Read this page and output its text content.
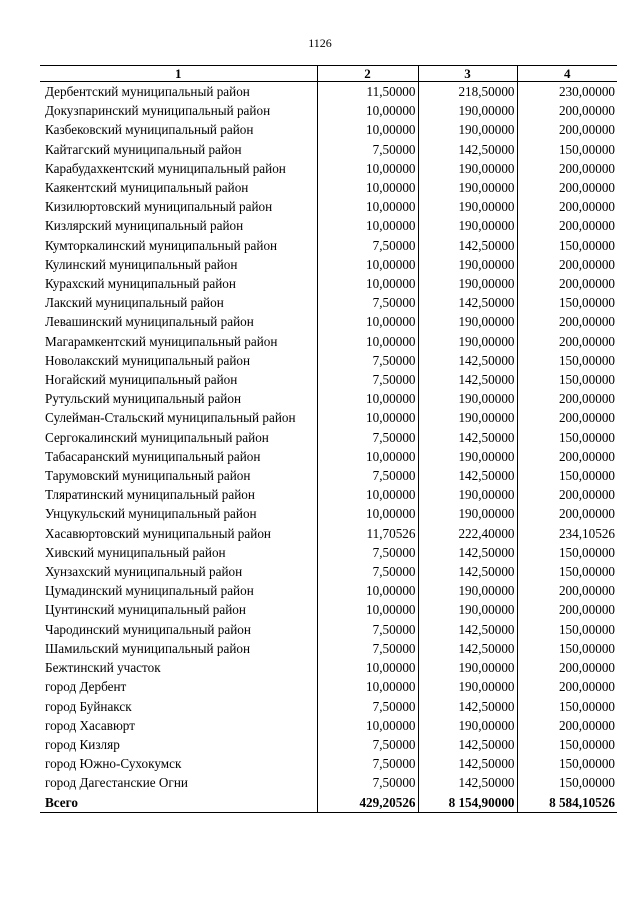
1126
1	2	3	4
Дербентский муниципальный район	11,50000	218,50000	230,00000
Докузпаринский муниципальный район	10,00000	190,00000	200,00000
Казбековский муниципальный район	10,00000	190,00000	200,00000
Кайтагский муниципальный район	7,50000	142,50000	150,00000
Карабудахкентский муниципальный район	10,00000	190,00000	200,00000
Каякентский муниципальный район	10,00000	190,00000	200,00000
Кизилюртовский муниципальный район	10,00000	190,00000	200,00000
Кизлярский муниципальный район	10,00000	190,00000	200,00000
Кумторкалинский муниципальный район	7,50000	142,50000	150,00000
Кулинский муниципальный район	10,00000	190,00000	200,00000
Курахский муниципальный район	10,00000	190,00000	200,00000
Лакский муниципальный район	7,50000	142,50000	150,00000
Левашинский муниципальный район	10,00000	190,00000	200,00000
Магарамкентский муниципальный район	10,00000	190,00000	200,00000
Новолакский муниципальный район	7,50000	142,50000	150,00000
Ногайский муниципальный район	7,50000	142,50000	150,00000
Рутульский муниципальный район	10,00000	190,00000	200,00000
Сулейман-Стальский муниципальный район	10,00000	190,00000	200,00000
Сергокалинский муниципальный район	7,50000	142,50000	150,00000
Табасаранский муниципальный район	10,00000	190,00000	200,00000
Тарумовский муниципальный район	7,50000	142,50000	150,00000
Тляратинский муниципальный район	10,00000	190,00000	200,00000
Унцукульский муниципальный район	10,00000	190,00000	200,00000
Хасавюртовский муниципальный район	11,70526	222,40000	234,10526
Хивский муниципальный район	7,50000	142,50000	150,00000
Хунзахский муниципальный район	7,50000	142,50000	150,00000
Цумадинский муниципальный район	10,00000	190,00000	200,00000
Цунтинский муниципальный район	10,00000	190,00000	200,00000
Чародинский муниципальный район	7,50000	142,50000	150,00000
Шамильский муниципальный район	7,50000	142,50000	150,00000
Бежтинский участок	10,00000	190,00000	200,00000
город Дербент	10,00000	190,00000	200,00000
город Буйнакск	7,50000	142,50000	150,00000
город Хасавюрт	10,00000	190,00000	200,00000
город Кизляр	7,50000	142,50000	150,00000
город Южно-Сухокумск	7,50000	142,50000	150,00000
город Дагестанские Огни	7,50000	142,50000	150,00000
Всего	429,20526	8 154,90000	8 584,10526
